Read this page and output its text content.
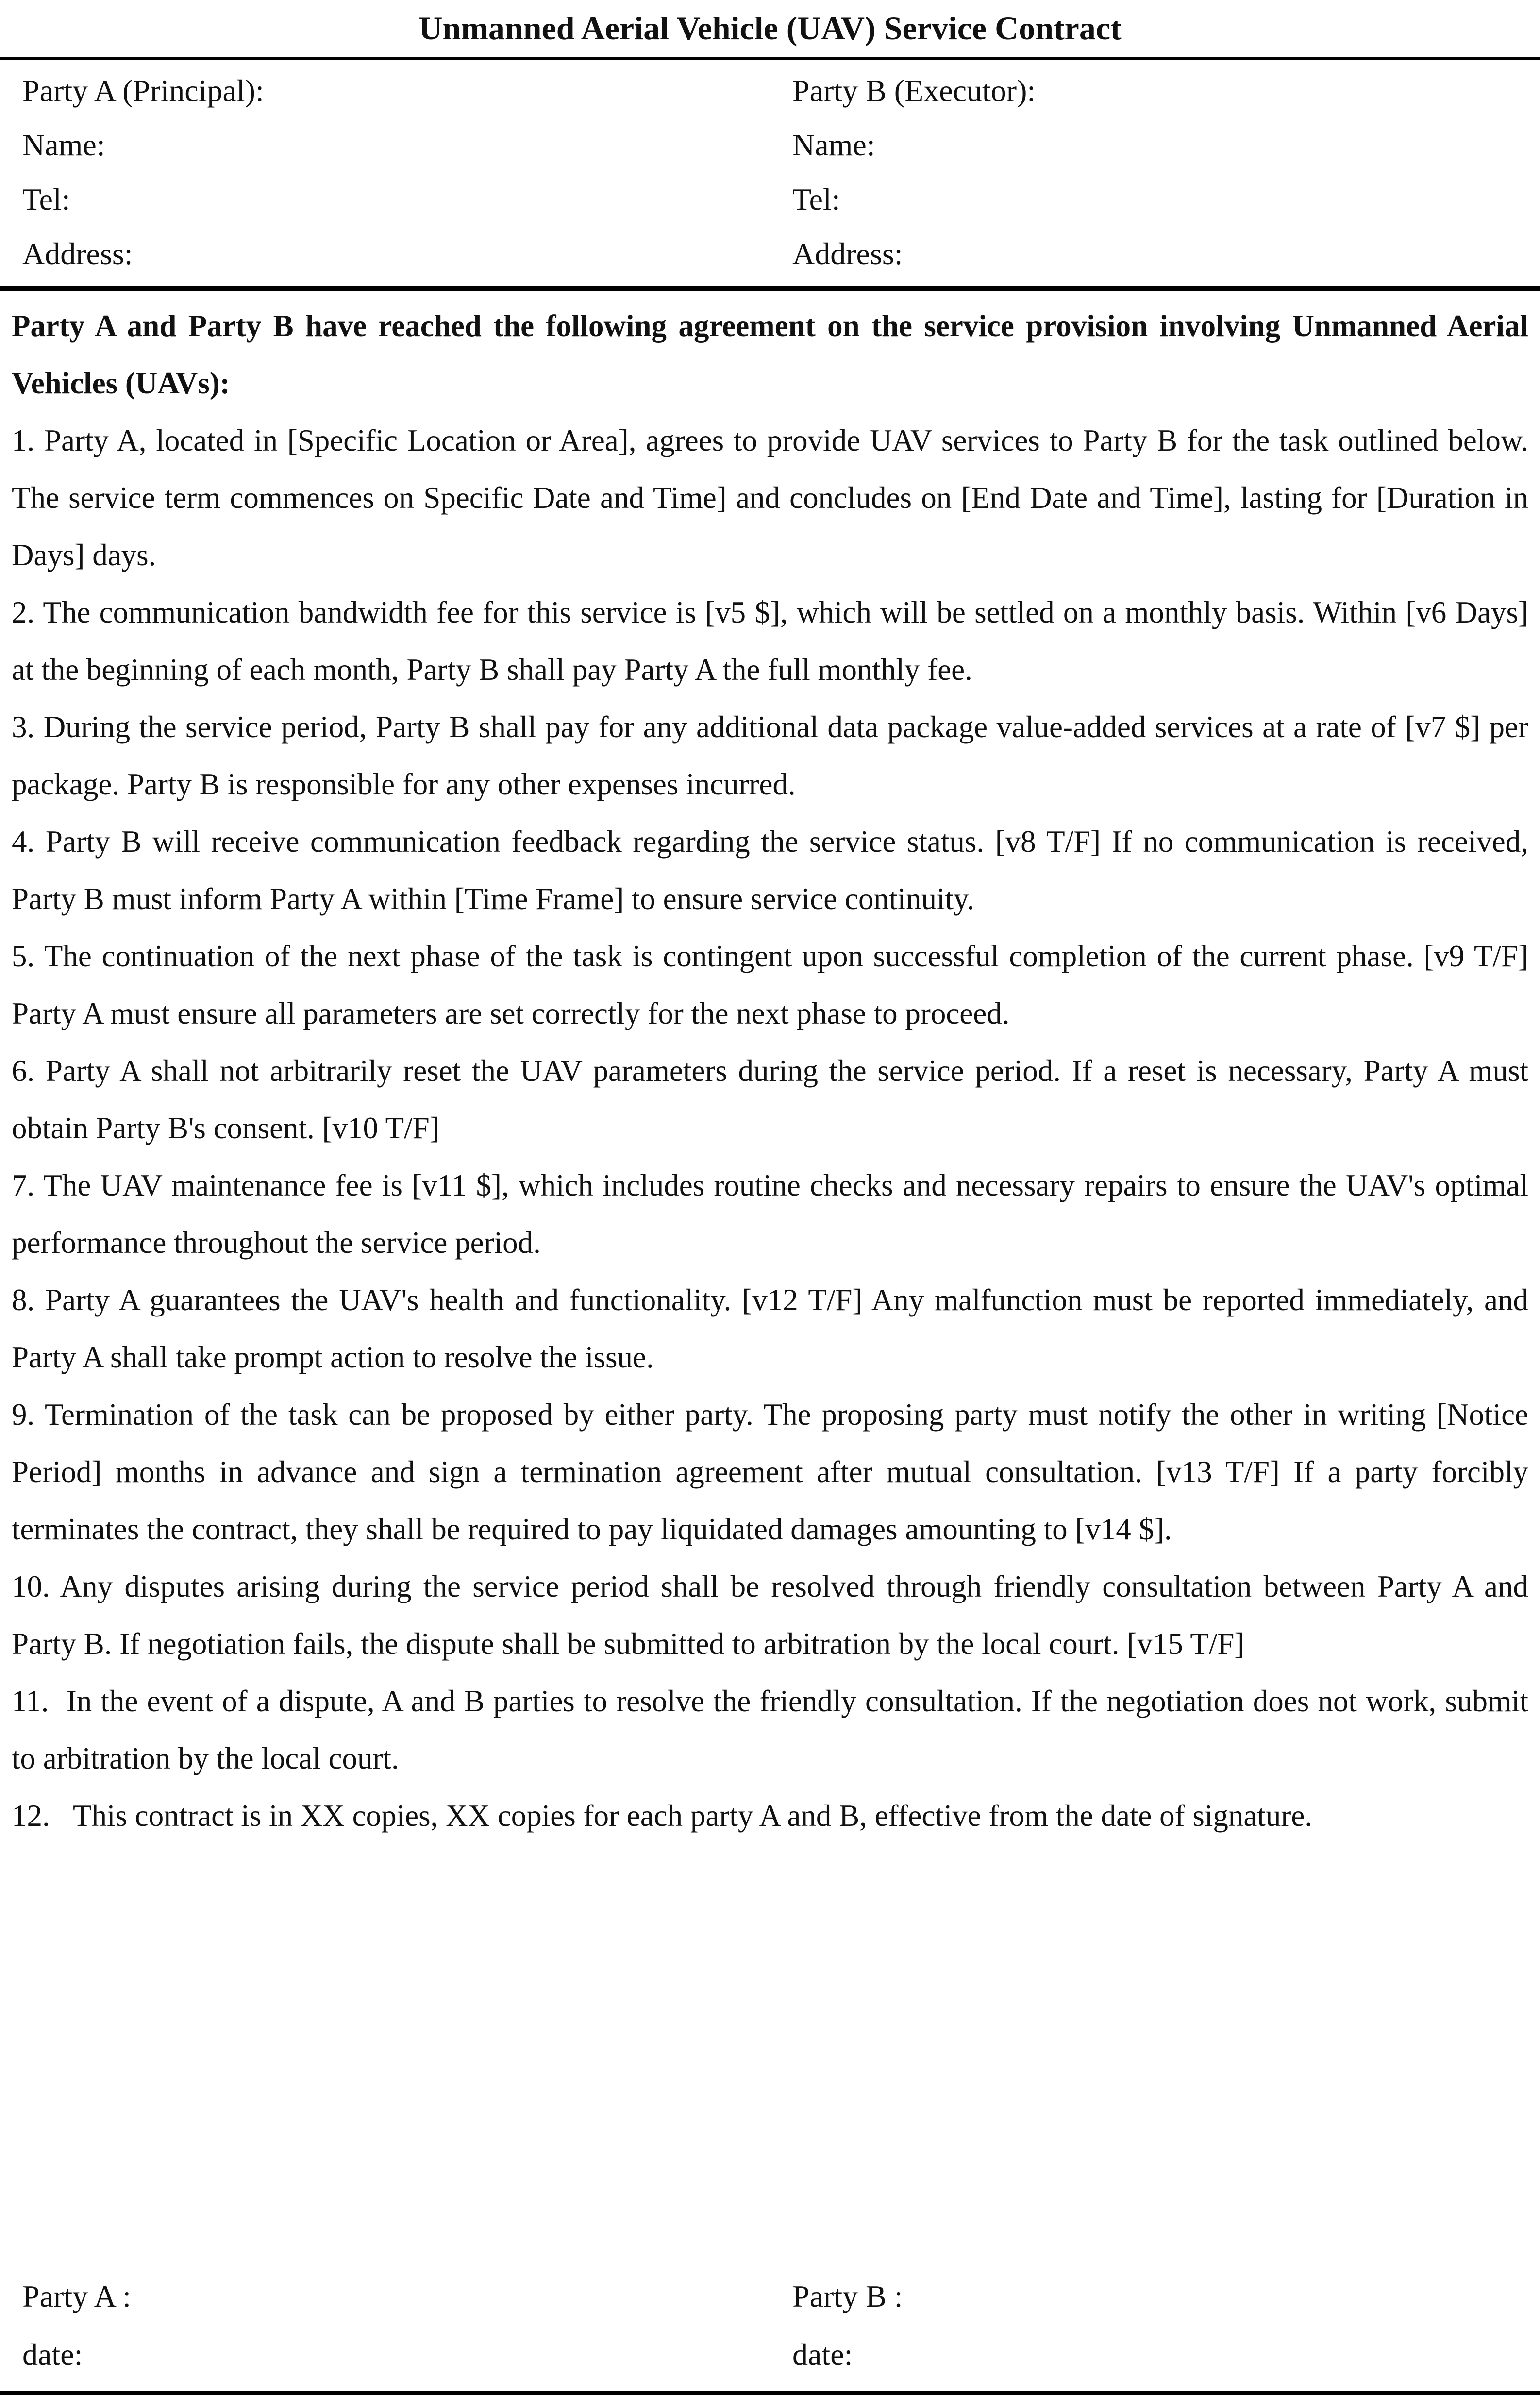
Unmanned Aerial Vehicle (UAV) Service Contract
Party A (Principal):	Party B (Executor):
Name:	Name:
Tel:	Tel:
Address:	Address:

Party A and Party B have reached the following agreement on the service provision involving Unmanned Aerial Vehicles (UAVs):

1. Party A, located in [Specific Location or Area], agrees to provide UAV services to Party B for the task outlined below. The service term commences on Specific Date and Time] and concludes on [End Date and Time], lasting for [Duration in Days] days.

2. The communication bandwidth fee for this service is [v5 $], which will be settled on a monthly basis. Within [v6 Days] at the beginning of each month, Party B shall pay Party A the full monthly fee.

3. During the service period, Party B shall pay for any additional data package value-added services at a rate of [v7 $] per package. Party B is responsible for any other expenses incurred.

4. Party B will receive communication feedback regarding the service status. [v8 T/F] If no communication is received, Party B must inform Party A within [Time Frame] to ensure service continuity.

5. The continuation of the next phase of the task is contingent upon successful completion of the current phase. [v9 T/F] Party A must ensure all parameters are set correctly for the next phase to proceed.

6. Party A shall not arbitrarily reset the UAV parameters during the service period. If a reset is necessary, Party A must obtain Party B's consent. [v10 T/F]

7. The UAV maintenance fee is [v11 $], which includes routine checks and necessary repairs to ensure the UAV's optimal performance throughout the service period.

8. Party A guarantees the UAV's health and functionality. [v12 T/F] Any malfunction must be reported immediately, and Party A shall take prompt action to resolve the issue.

9. Termination of the task can be proposed by either party. The proposing party must notify the other in writing [Notice Period] months in advance and sign a termination agreement after mutual consultation. [v13 T/F] If a party forcibly terminates the contract, they shall be required to pay liquidated damages amounting to [v14 $].

10. Any disputes arising during the service period shall be resolved through friendly consultation between Party A and Party B. If negotiation fails, the dispute shall be submitted to arbitration by the local court. [v15 T/F]

11.  In the event of a dispute, A and B parties to resolve the friendly consultation. If the negotiation does not work, submit to arbitration by the local court.

12.   This contract is in XX copies, XX copies for each party A and B, effective from the date of signature.

Party A :	Party B :
date:	date:
